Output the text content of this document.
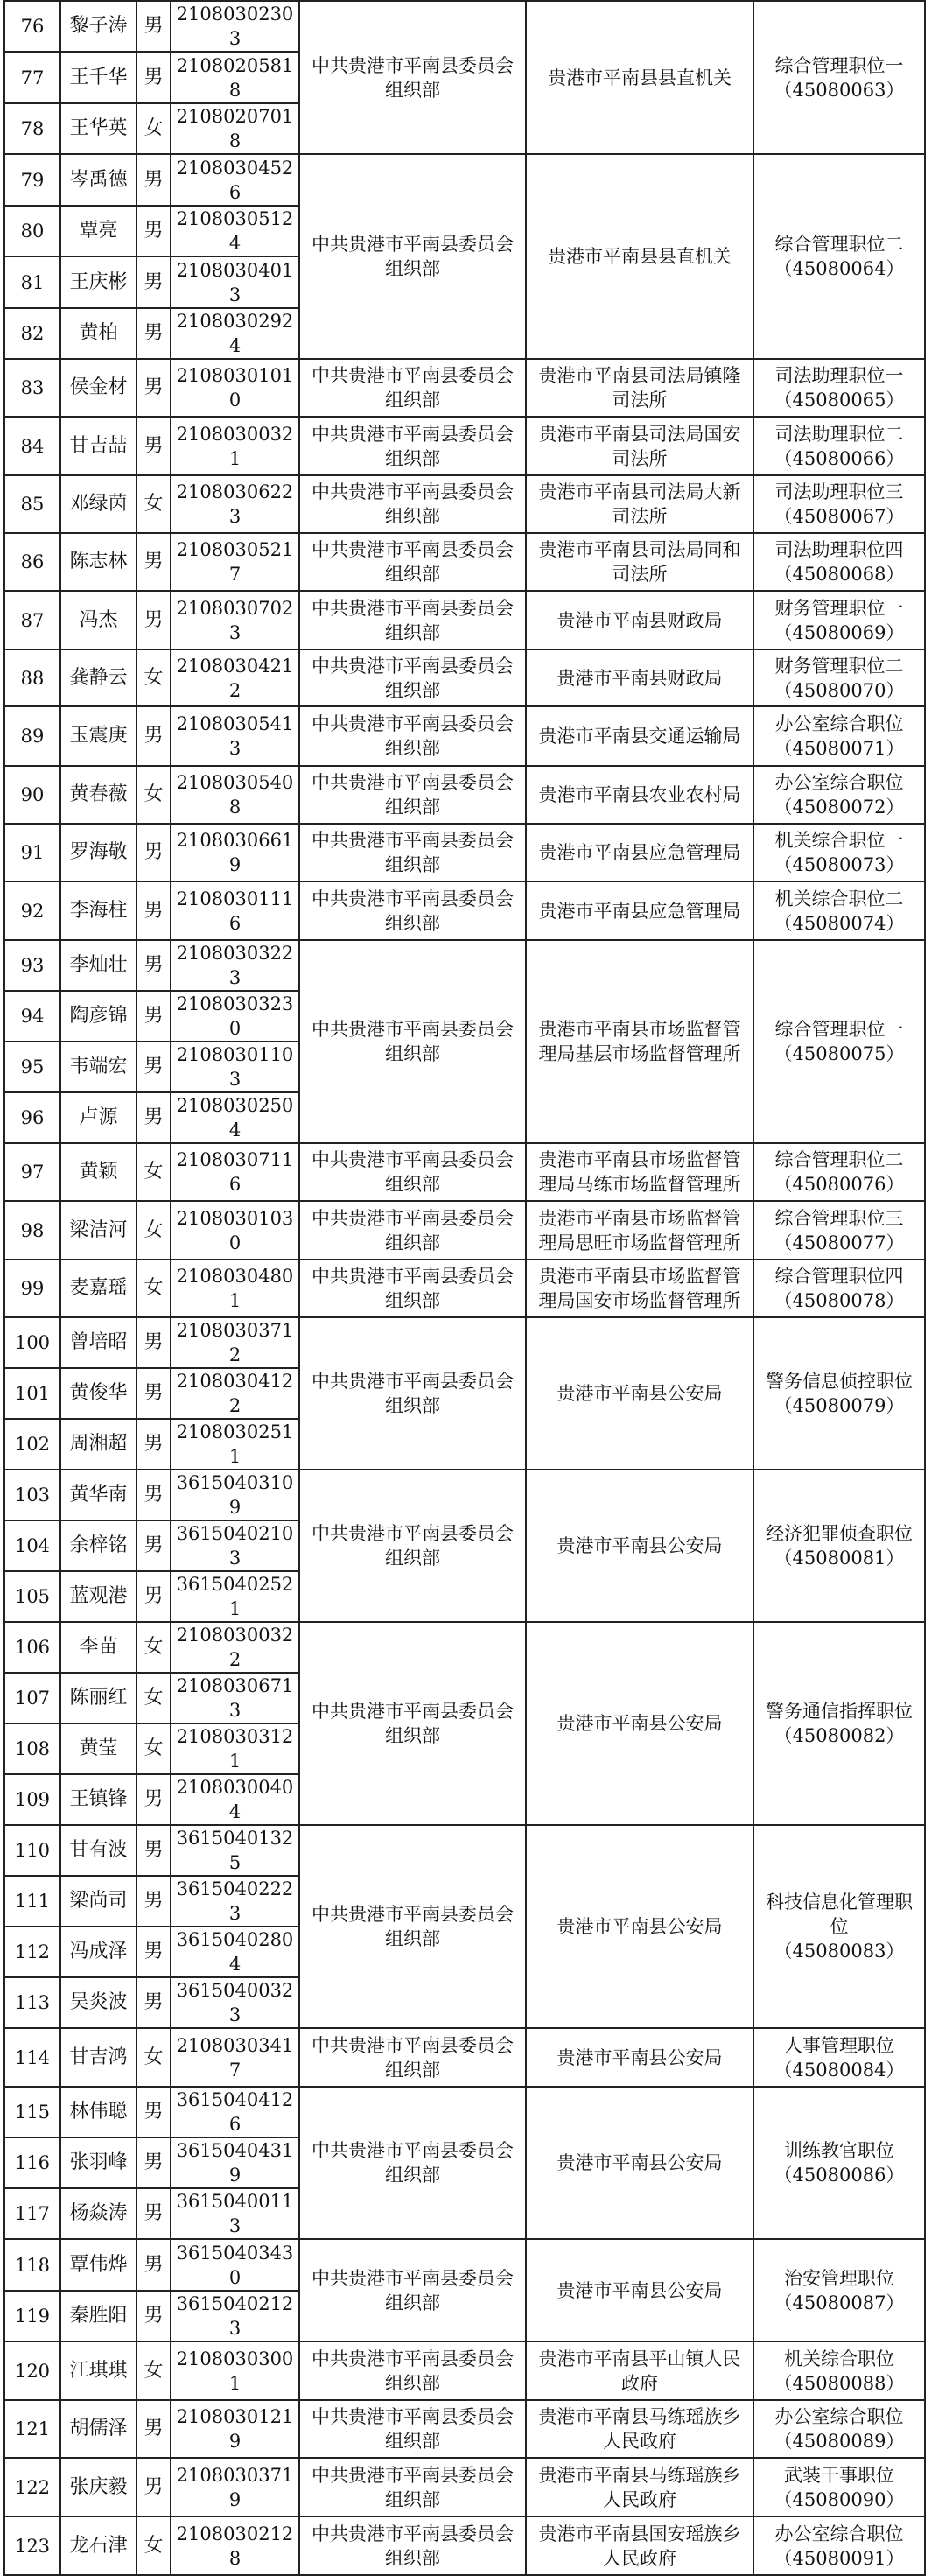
76	黎子涛	男	21080302303	中共贵港市平南县委员会组织部	贵港市平南县县直机关	综合管理职位一
（45080063）

77	王千华	男	21080205818			
78	王华英	女	21080207018			
79	岑禹德	男	21080304526	中共贵港市平南县委员会组织部	贵港市平南县县直机关	综合管理职位二
（45080064）

80	覃亮	男	21080305124			
81	王庆彬	男	21080304013			
82	黄柏	男	21080302924			
83	侯金材	男	21080301010	中共贵港市平南县委员会组织部	贵港市平南县司法局镇隆司法所	司法助理职位一
（45080065）

84	甘吉喆	男	21080300321	中共贵港市平南县委员会组织部	贵港市平南县司法局国安司法所	司法助理职位二
（45080066）

85	邓绿茵	女	21080306223	中共贵港市平南县委员会组织部	贵港市平南县司法局大新司法所	司法助理职位三
（45080067）

86	陈志林	男	21080305217	中共贵港市平南县委员会组织部	贵港市平南县司法局同和司法所	司法助理职位四
（45080068）

87	冯杰	男	21080307023	中共贵港市平南县委员会组织部	贵港市平南县财政局	财务管理职位一
（45080069）

88	龚静云	女	21080304212	中共贵港市平南县委员会组织部	贵港市平南县财政局	财务管理职位二
（45080070）

89	玉震庚	男	21080305413	中共贵港市平南县委员会组织部	贵港市平南县交通运输局	办公室综合职位
（45080071）

90	黄春薇	女	21080305408	中共贵港市平南县委员会组织部	贵港市平南县农业农村局	办公室综合职位
（45080072）

91	罗海敬	男	21080306619	中共贵港市平南县委员会组织部	贵港市平南县应急管理局	机关综合职位一
（45080073）

92	李海柱	男	21080301116	中共贵港市平南县委员会组织部	贵港市平南县应急管理局	机关综合职位二
（45080074）

93	李灿壮	男	21080303223	中共贵港市平南县委员会组织部	贵港市平南县市场监督管理局基层市场监督管理所	综合管理职位一
（45080075）

94	陶彦锦	男	21080303230			
95	韦端宏	男	21080301103			
96	卢源	男	21080302504			
97	黄颖	女	21080307116	中共贵港市平南县委员会组织部	贵港市平南县市场监督管理局马练市场监督管理所	综合管理职位二
（45080076）

98	梁洁河	女	21080301030	中共贵港市平南县委员会组织部	贵港市平南县市场监督管理局思旺市场监督管理所	综合管理职位三
（45080077）

99	麦嘉瑶	女	21080304801	中共贵港市平南县委员会组织部	贵港市平南县市场监督管理局国安市场监督管理所	综合管理职位四
（45080078）

100	曾培昭	男	21080303712	中共贵港市平南县委员会组织部	贵港市平南县公安局	警务信息侦控职位
（45080079）

101	黄俊华	男	21080304122			
102	周湘超	男	21080302511			
103	黄华南	男	36150403109	中共贵港市平南县委员会组织部	贵港市平南县公安局	经济犯罪侦查职位
（45080081）

104	余梓铭	男	36150402103			
105	蓝观港	男	36150402521			
106	李苗	女	21080300322	中共贵港市平南县委员会组织部	贵港市平南县公安局	警务通信指挥职位
（45080082）

107	陈丽红	女	21080306713			
108	黄莹	女	21080303121			
109	王镇锋	男	21080300404			
110	甘有波	男	36150401325	中共贵港市平南县委员会组织部	贵港市平南县公安局	科技信息化管理职位
（45080083）

111	梁尚司	男	36150402223			
112	冯成泽	男	36150402804			
113	吴炎波	男	36150400323			
114	甘吉鸿	女	21080303417	中共贵港市平南县委员会组织部	贵港市平南县公安局	人事管理职位
（45080084）

115	林伟聪	男	36150404126	中共贵港市平南县委员会组织部	贵港市平南县公安局	训练教官职位
（45080086）

116	张羽峰	男	36150404319			
117	杨焱涛	男	36150400113			
118	覃伟烨	男	36150403430	中共贵港市平南县委员会组织部	贵港市平南县公安局	治安管理职位
（45080087）

119	秦胜阳	男	36150402123			
120	江琪琪	女	21080303001	中共贵港市平南县委员会组织部	贵港市平南县平山镇人民政府	机关综合职位
（45080088）

121	胡儒泽	男	21080301219	中共贵港市平南县委员会组织部	贵港市平南县马练瑶族乡人民政府	办公室综合职位
（45080089）

122	张庆毅	男	21080303719	中共贵港市平南县委员会组织部	贵港市平南县马练瑶族乡人民政府	武装干事职位
（45080090）

123	龙石津	女	21080302128	中共贵港市平南县委员会组织部	贵港市平南县国安瑶族乡人民政府	办公室综合职位
（45080091）
